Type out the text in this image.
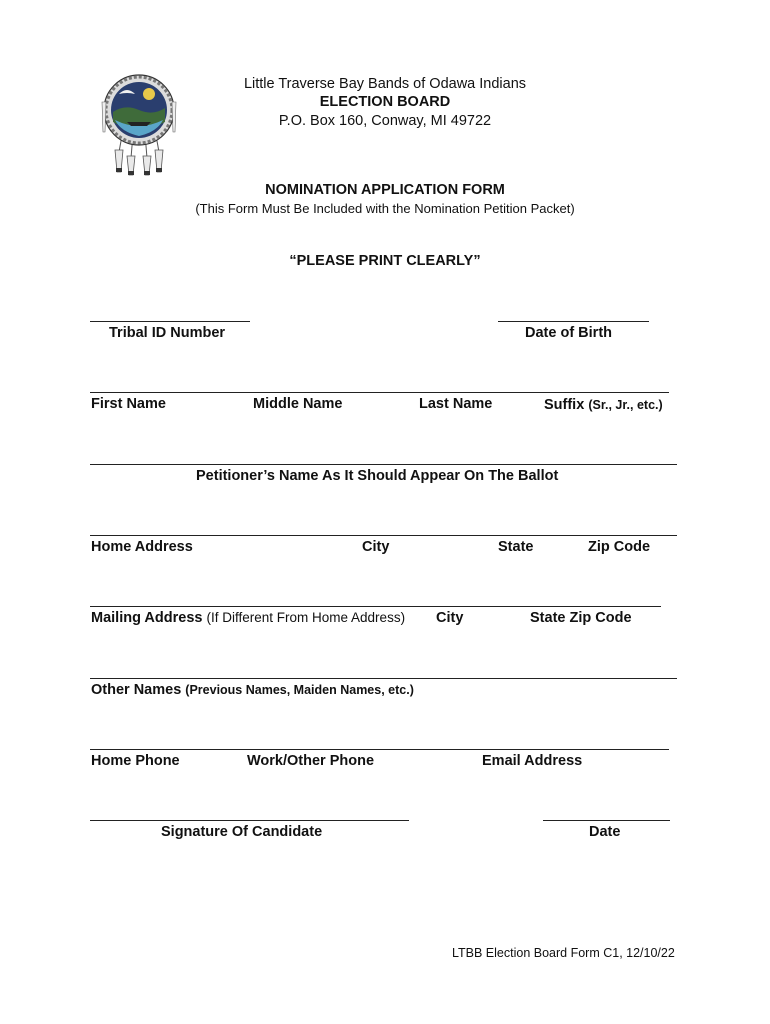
Little Traverse Bay Bands of Odawa Indians
ELECTION BOARD
P.O. Box 160, Conway, MI 49722
NOMINATION APPLICATION FORM
(This Form Must Be Included with the Nomination Petition Packet)
“PLEASE PRINT CLEARLY”
Tribal ID Number	Date of Birth
First Name	Middle Name	Last Name	Suffix (Sr., Jr., etc.)
Petitioner’s Name As It Should Appear On The Ballot
Home Address	City	State	Zip Code
Mailing Address (If Different From Home Address) City	State Zip Code
Other Names (Previous Names, Maiden Names, etc.)
Home Phone	Work/Other Phone	Email Address
Signature Of Candidate	Date
LTBB Election Board Form C1, 12/10/22
